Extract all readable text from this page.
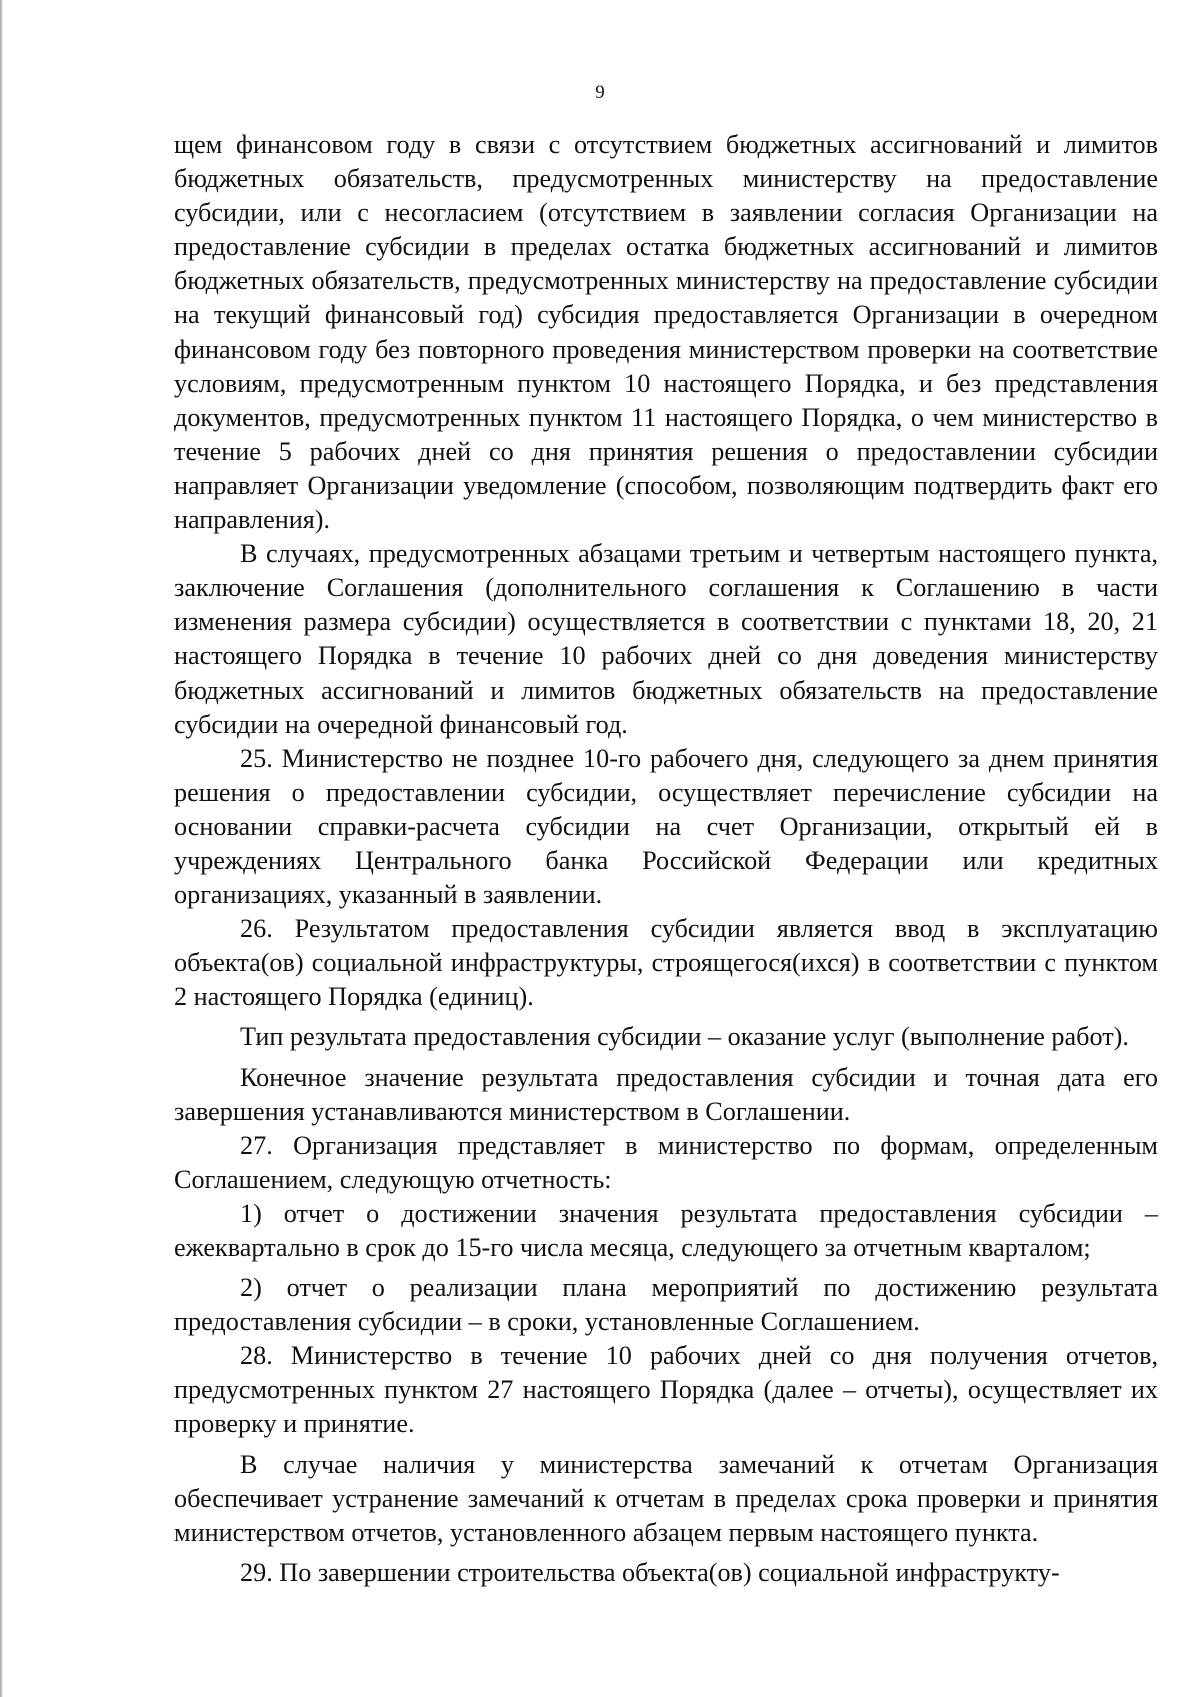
9

щем финансовом году в связи с отсутствием бюджетных ассигнований и лимитов бюджетных обязательств, предусмотренных министерству на предоставление субсидии, или с несогласием (отсутствием в заявлении согласия Организации на предоставление субсидии в пределах остатка бюджетных ассигнований и лимитов бюджетных обязательств, предусмотренных министерству на предоставление субсидии на текущий финансовый год) субсидия предоставляется Организации в очередном финансовом году без повторного проведения министерством проверки на соответствие условиям, предусмотренным пунктом 10 настоящего Порядка, и без представления документов, предусмотренных пунктом 11 настоящего Порядка, о чем министерство в течение 5 рабочих дней со дня принятия решения о предоставлении субсидии направляет Организации уведомление (способом, позволяющим подтвердить факт его направления).

В случаях, предусмотренных абзацами третьим и четвертым настоящего пункта, заключение Соглашения (дополнительного соглашения к Соглашению в части изменения размера субсидии) осуществляется в соответствии с пунктами 18, 20, 21 настоящего Порядка в течение 10 рабочих дней со дня доведения министерству бюджетных ассигнований и лимитов бюджетных обязательств на предоставление субсидии на очередной финансовый год.

25. Министерство не позднее 10-го рабочего дня, следующего за днем принятия решения о предоставлении субсидии, осуществляет перечисление субсидии на основании справки-расчета субсидии на счет Организации, открытый ей в учреждениях Центрального банка Российской Федерации или кредитных организациях, указанный в заявлении.

26. Результатом предоставления субсидии является ввод в эксплуатацию объекта(ов) социальной инфраструктуры, строящегося(ихся) в соответствии с пунктом 2 настоящего Порядка (единиц).

Тип результата предоставления субсидии – оказание услуг (выполнение работ).

Конечное значение результата предоставления субсидии и точная дата его завершения устанавливаются министерством в Соглашении.

27. Организация представляет в министерство по формам, определенным Соглашением, следующую отчетность:

1) отчет о достижении значения результата предоставления субсидии – ежеквартально в срок до 15-го числа месяца, следующего за отчетным кварталом;

2) отчет о реализации плана мероприятий по достижению результата предоставления субсидии – в сроки, установленные Соглашением.

28. Министерство в течение 10 рабочих дней со дня получения отчетов, предусмотренных пунктом 27 настоящего Порядка (далее – отчеты), осуществляет их проверку и принятие.

В случае наличия у министерства замечаний к отчетам Организация обеспечивает устранение замечаний к отчетам в пределах срока проверки и принятия министерством отчетов, установленного абзацем первым настоящего пункта.

29. По завершении строительства объекта(ов) социальной инфраструкту-
